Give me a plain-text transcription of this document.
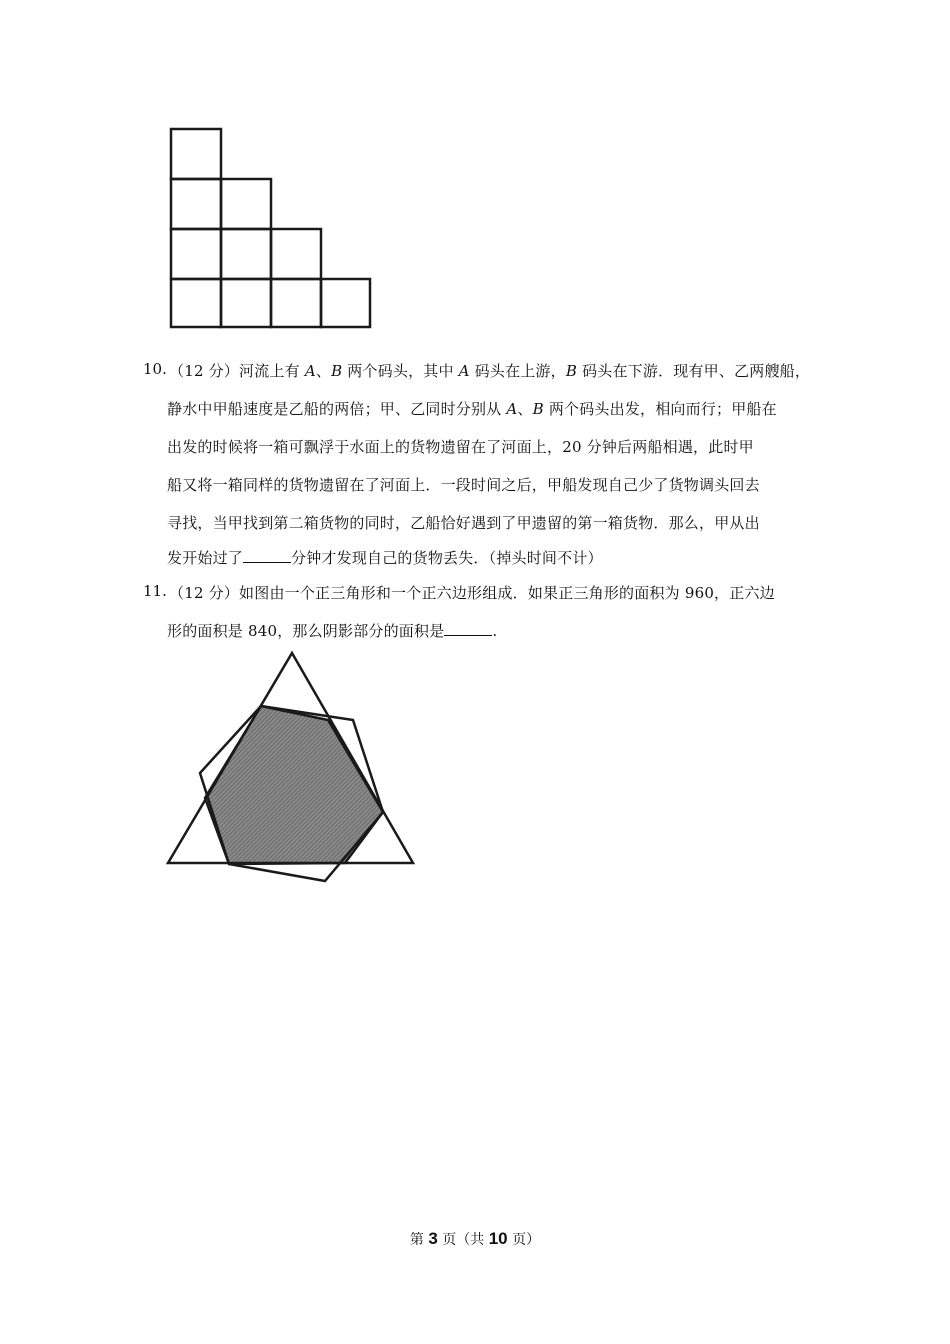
10. （12 分）河流上有 A、B 两个码头，其中 A 码头在上游，B 码头在下游．现有甲、乙两艘船，
静水中甲船速度是乙船的两倍；甲、乙同时分别从 A、B 两个码头出发，相向而行；甲船在
出发的时候将一箱可飘浮于水面上的货物遗留在了河面上，20 分钟后两船相遇，此时甲
船又将一箱同样的货物遗留在了河面上．一段时间之后，甲船发现自己少了货物调头回去
寻找，当甲找到第二箱货物的同时，乙船恰好遇到了甲遗留的第一箱货物．那么，甲从出
发开始过了	分钟才发现自己的货物丢失．（掉头时间不计）
11. （12 分）如图由一个正三角形和一个正六边形组成．如果正三角形的面积为 960，正六边
形的面积是 840，那么阴影部分的面积是	.
第 3 页（共 10 页）
